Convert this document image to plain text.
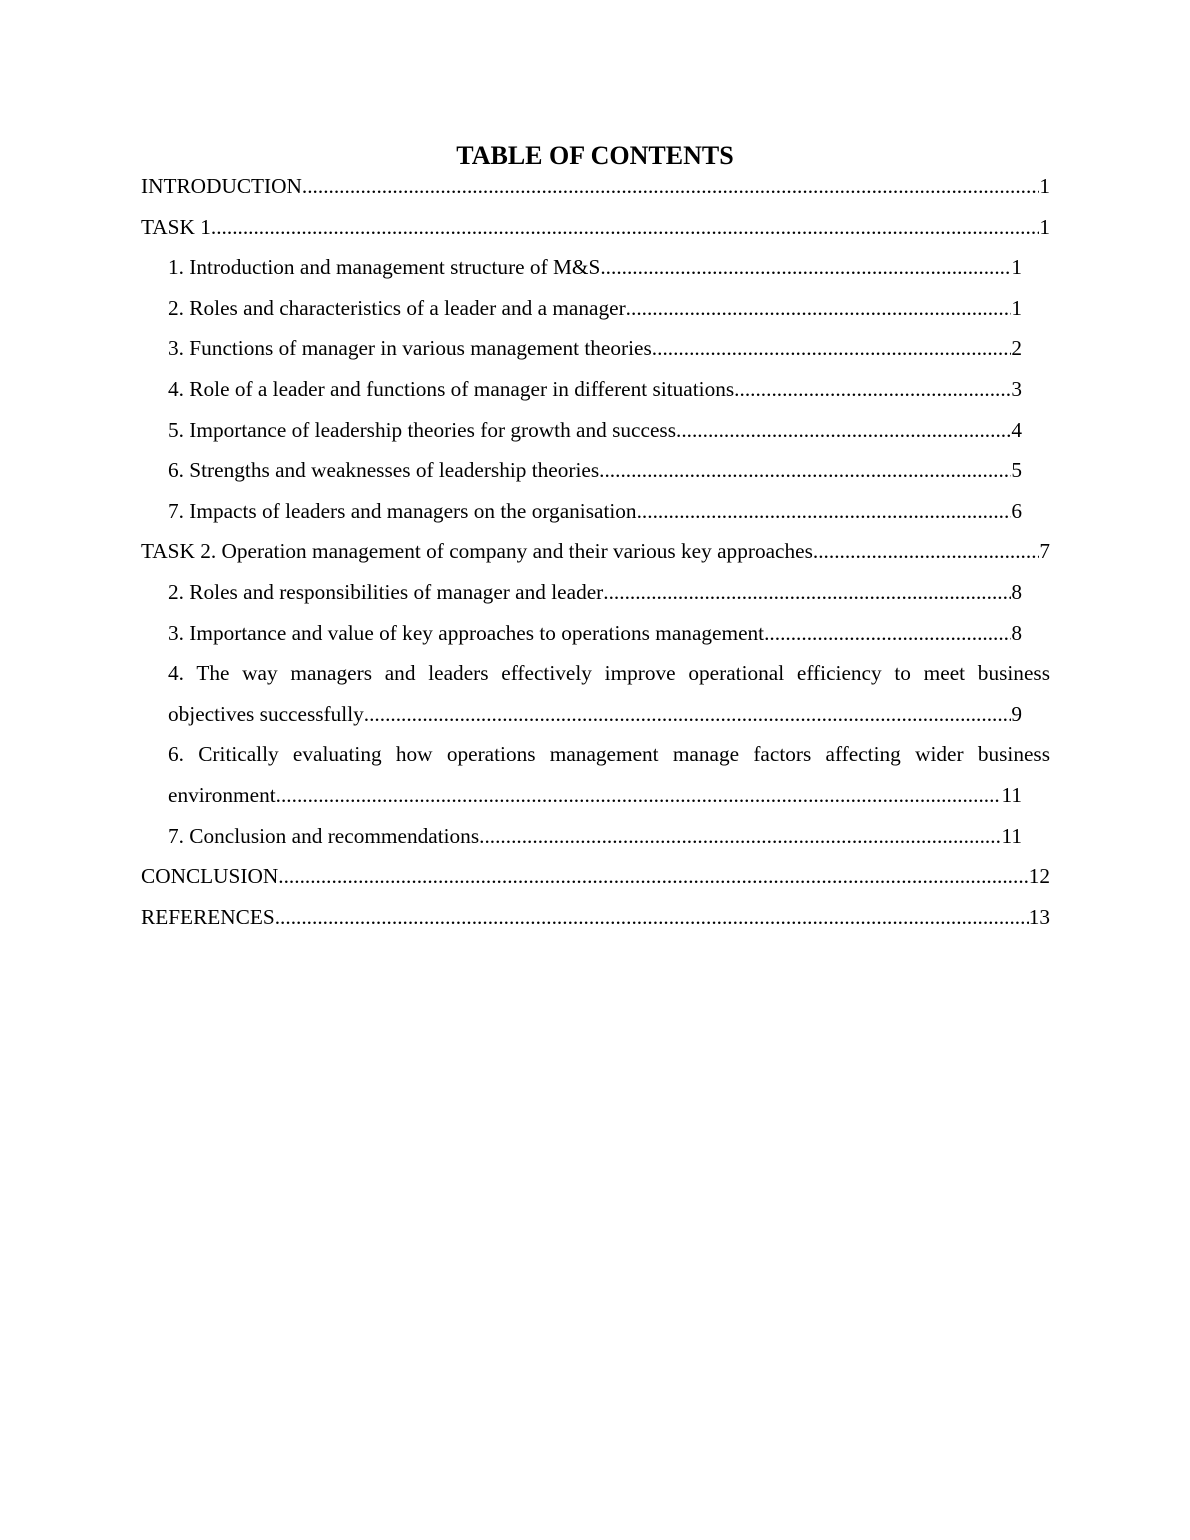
TABLE OF CONTENTS
INTRODUCTION .....	1
TASK 1 .....	1
1. Introduction and management structure of M&S .....	1
2. Roles and characteristics of a leader and a manager .....	1
3. Functions of manager in various management theories .....	2
4. Role of a leader and functions of manager in different situations .....	3
5. Importance of leadership theories for growth and success .....	4
6. Strengths and weaknesses of leadership theories .....	5
7. Impacts of leaders and managers on the organisation .....	6
TASK 2. Operation management of company and their various key approaches .....	7
2. Roles and responsibilities of manager and leader .....	8
3. Importance and value of key approaches to operations management .....	8
4. The way managers and leaders effectively improve operational efficiency to meet business
objectives successfully .....	9
6. Critically evaluating how operations management manage factors affecting wider business
environment .....	11
7. Conclusion and recommendations .....	11
CONCLUSION .....	12
REFERENCES .....	13
